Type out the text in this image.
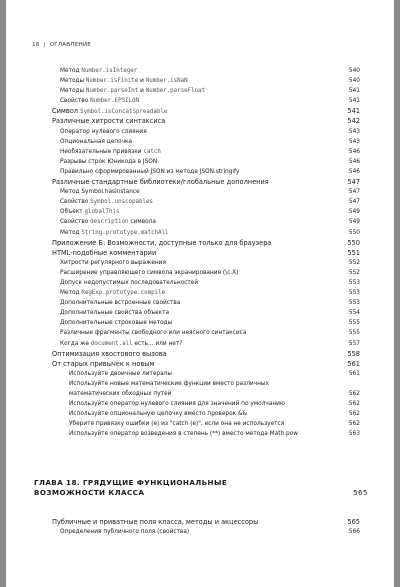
18 | ОГЛАВЛЕНИЕ
Метод Number.isInteger	540
Методы Number.isFinite и Number.isNaN	540
Методы Number.parseInt и Number.parseFloat	541
Свойство Number.EPSILON	541
Символ Symbol.isConcatSpreadable	541
Различные хитрости синтаксиса	542
Оператор нулевого слияния	543
Опциональная цепочка	543
Необязательные привязки catch	546
Разрывы строк Юникода в JSON	546
Правильно сформированный JSON из метода JSON.stringify	546
Различные стандартные библиотеки/глобальные дополнения	547
Метод Symbol.hasInstance	547
Свойство Symbol.unscopables	547
Объект globalThis	549
Свойство description символа	549
Метод String.prototype.matchAll	550
Приложение Б: Возможности, доступные только для браузера	550
HTML-подобные комментарии	551
Хитрости регулярного выражения	552
Расширение управляющего символа экранирования (\c.X)	552
Допуск недопустимых последовательностей	553
Метод RegExp.prototype.compile	553
Дополнительные встроенные свойства	553
Дополнительные свойства объекта	554
Дополнительные строковые методы	555
Различные фрагменты свободного или неясного синтаксиса	555
Когда же document.all есть... или нет?	557
Оптимизация хвостового вызова	558
От старых привычек к новым	561
Используйте двоичные литералы	561
Используйте новые математические функции вместо различных
математических обходных путей	562
Используйте оператор нулевого слияния для значений по умолчанию	562
Используйте опциональную цепочку вместо проверок &&	562
Уберите привязку ошибки (e) из "catch (e)", если она не используется	562
Используйте оператор возведения в степень (**) вместо метода Math.pow	563
ГЛАВА 18. ГРЯДУЩИЕ ФУНКЦИОНАЛЬНЫЕ
ВОЗМОЖНОСТИ КЛАССА	565
Публичные и приватные поля класса, методы и акцессоры	565
Определения публичного поля (свойства)	566
